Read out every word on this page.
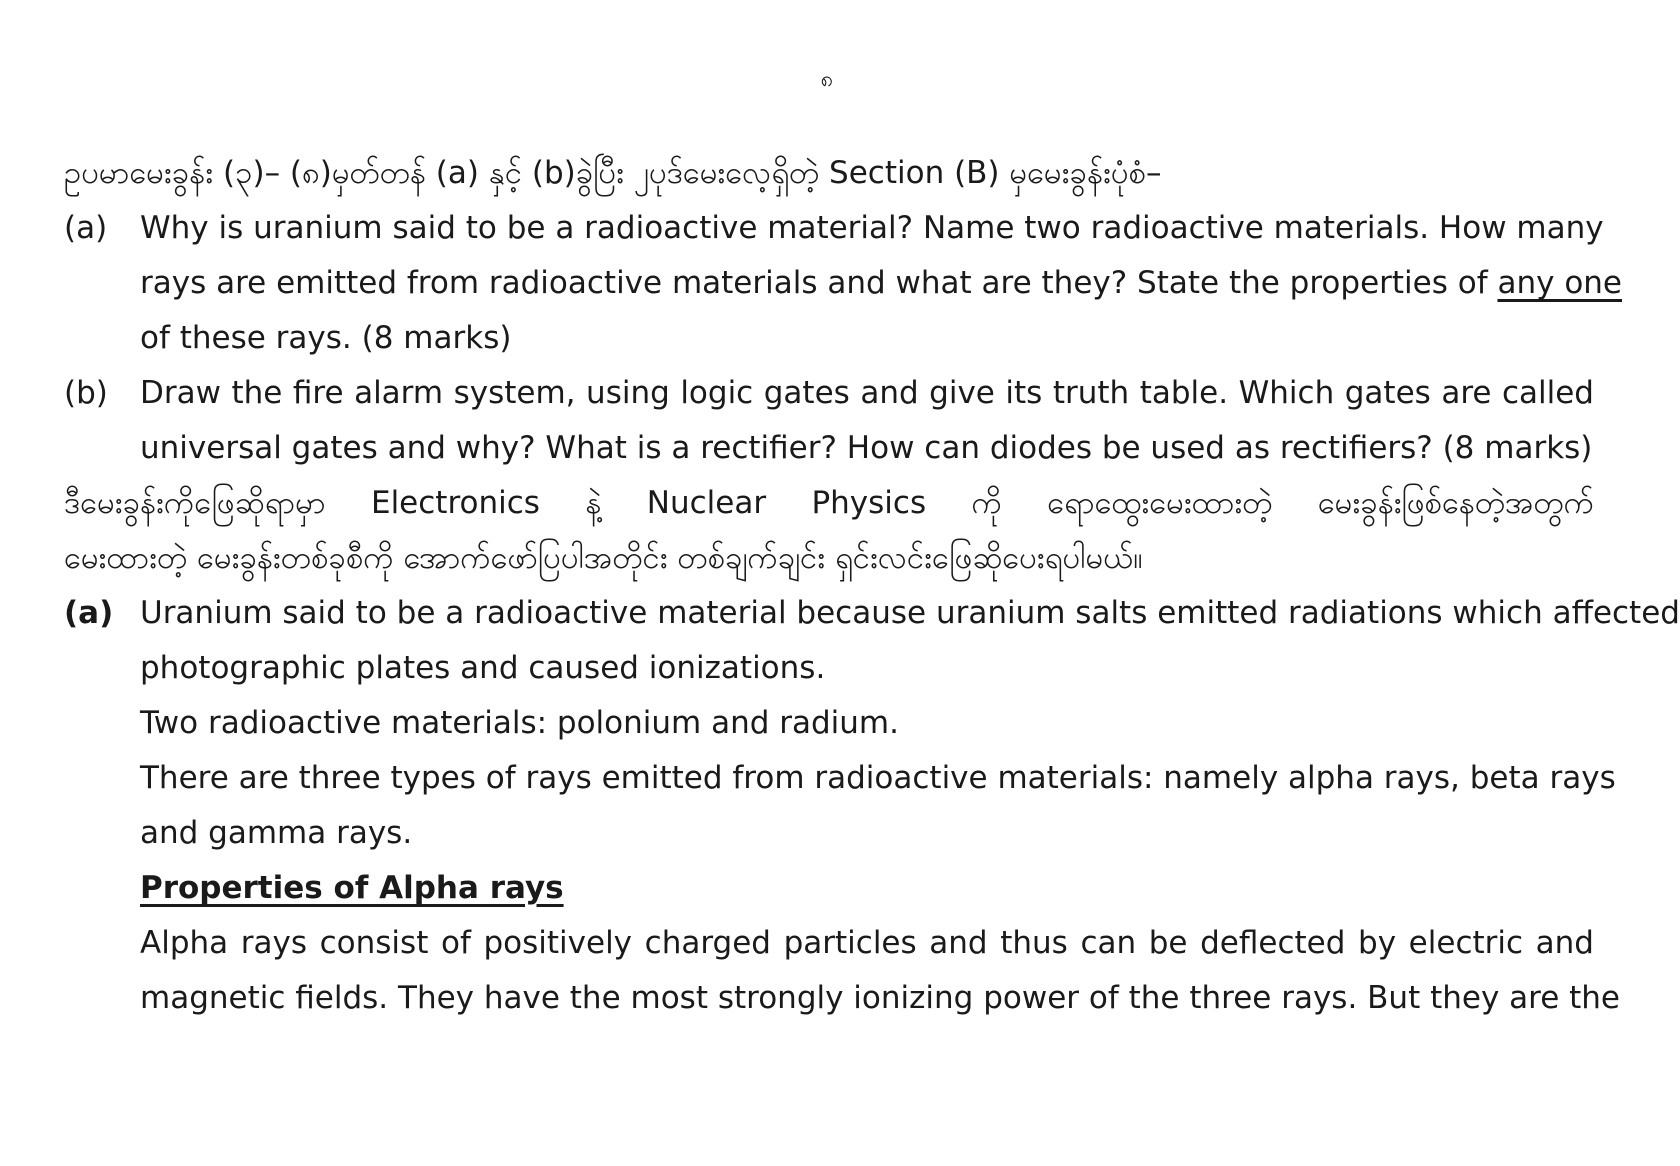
၈
ဥပမာမေးခွန်း (၃)– (၈)မှတ်တန် (a) နှင့် (b)ခွဲပြီး ၂ပုဒ်မေးလေ့ရှိတဲ့ Section (B) မှမေးခွန်းပုံစံ–
(a)	Why is uranium said to be a radioactive material? Name two radioactive materials. How many
rays are emitted from radioactive materials and what are they? State the properties of any one
of these rays. (8 marks)
(b)	Draw the fire alarm system, using logic gates and give its truth table. Which gates are called
universal gates and why? What is a rectifier? How can diodes be used as rectifiers? (8 marks)
ဒီမေးခွန်းကိုဖြေဆိုရာမှာ Electronics နဲ့ Nuclear Physics ကို ရောထွေးမေးထားတဲ့ မေးခွန်းဖြစ်နေတဲ့အတွက်
မေးထားတဲ့ မေးခွန်းတစ်ခုစီကို အောက်ဖော်ပြပါအတိုင်း တစ်ချက်ချင်း ရှင်းလင်းဖြေဆိုပေးရပါမယ်။
(a) Uranium said to be a radioactive material because uranium salts emitted radiations which affected
photographic plates and caused ionizations.
Two radioactive materials: polonium and radium.
There are three types of rays emitted from radioactive materials: namely alpha rays, beta rays
and gamma rays.
Properties of Alpha rays
Alpha rays consist of positively charged particles and thus can be deflected by electric and
magnetic fields. They have the most strongly ionizing power of the three rays. But they are the
